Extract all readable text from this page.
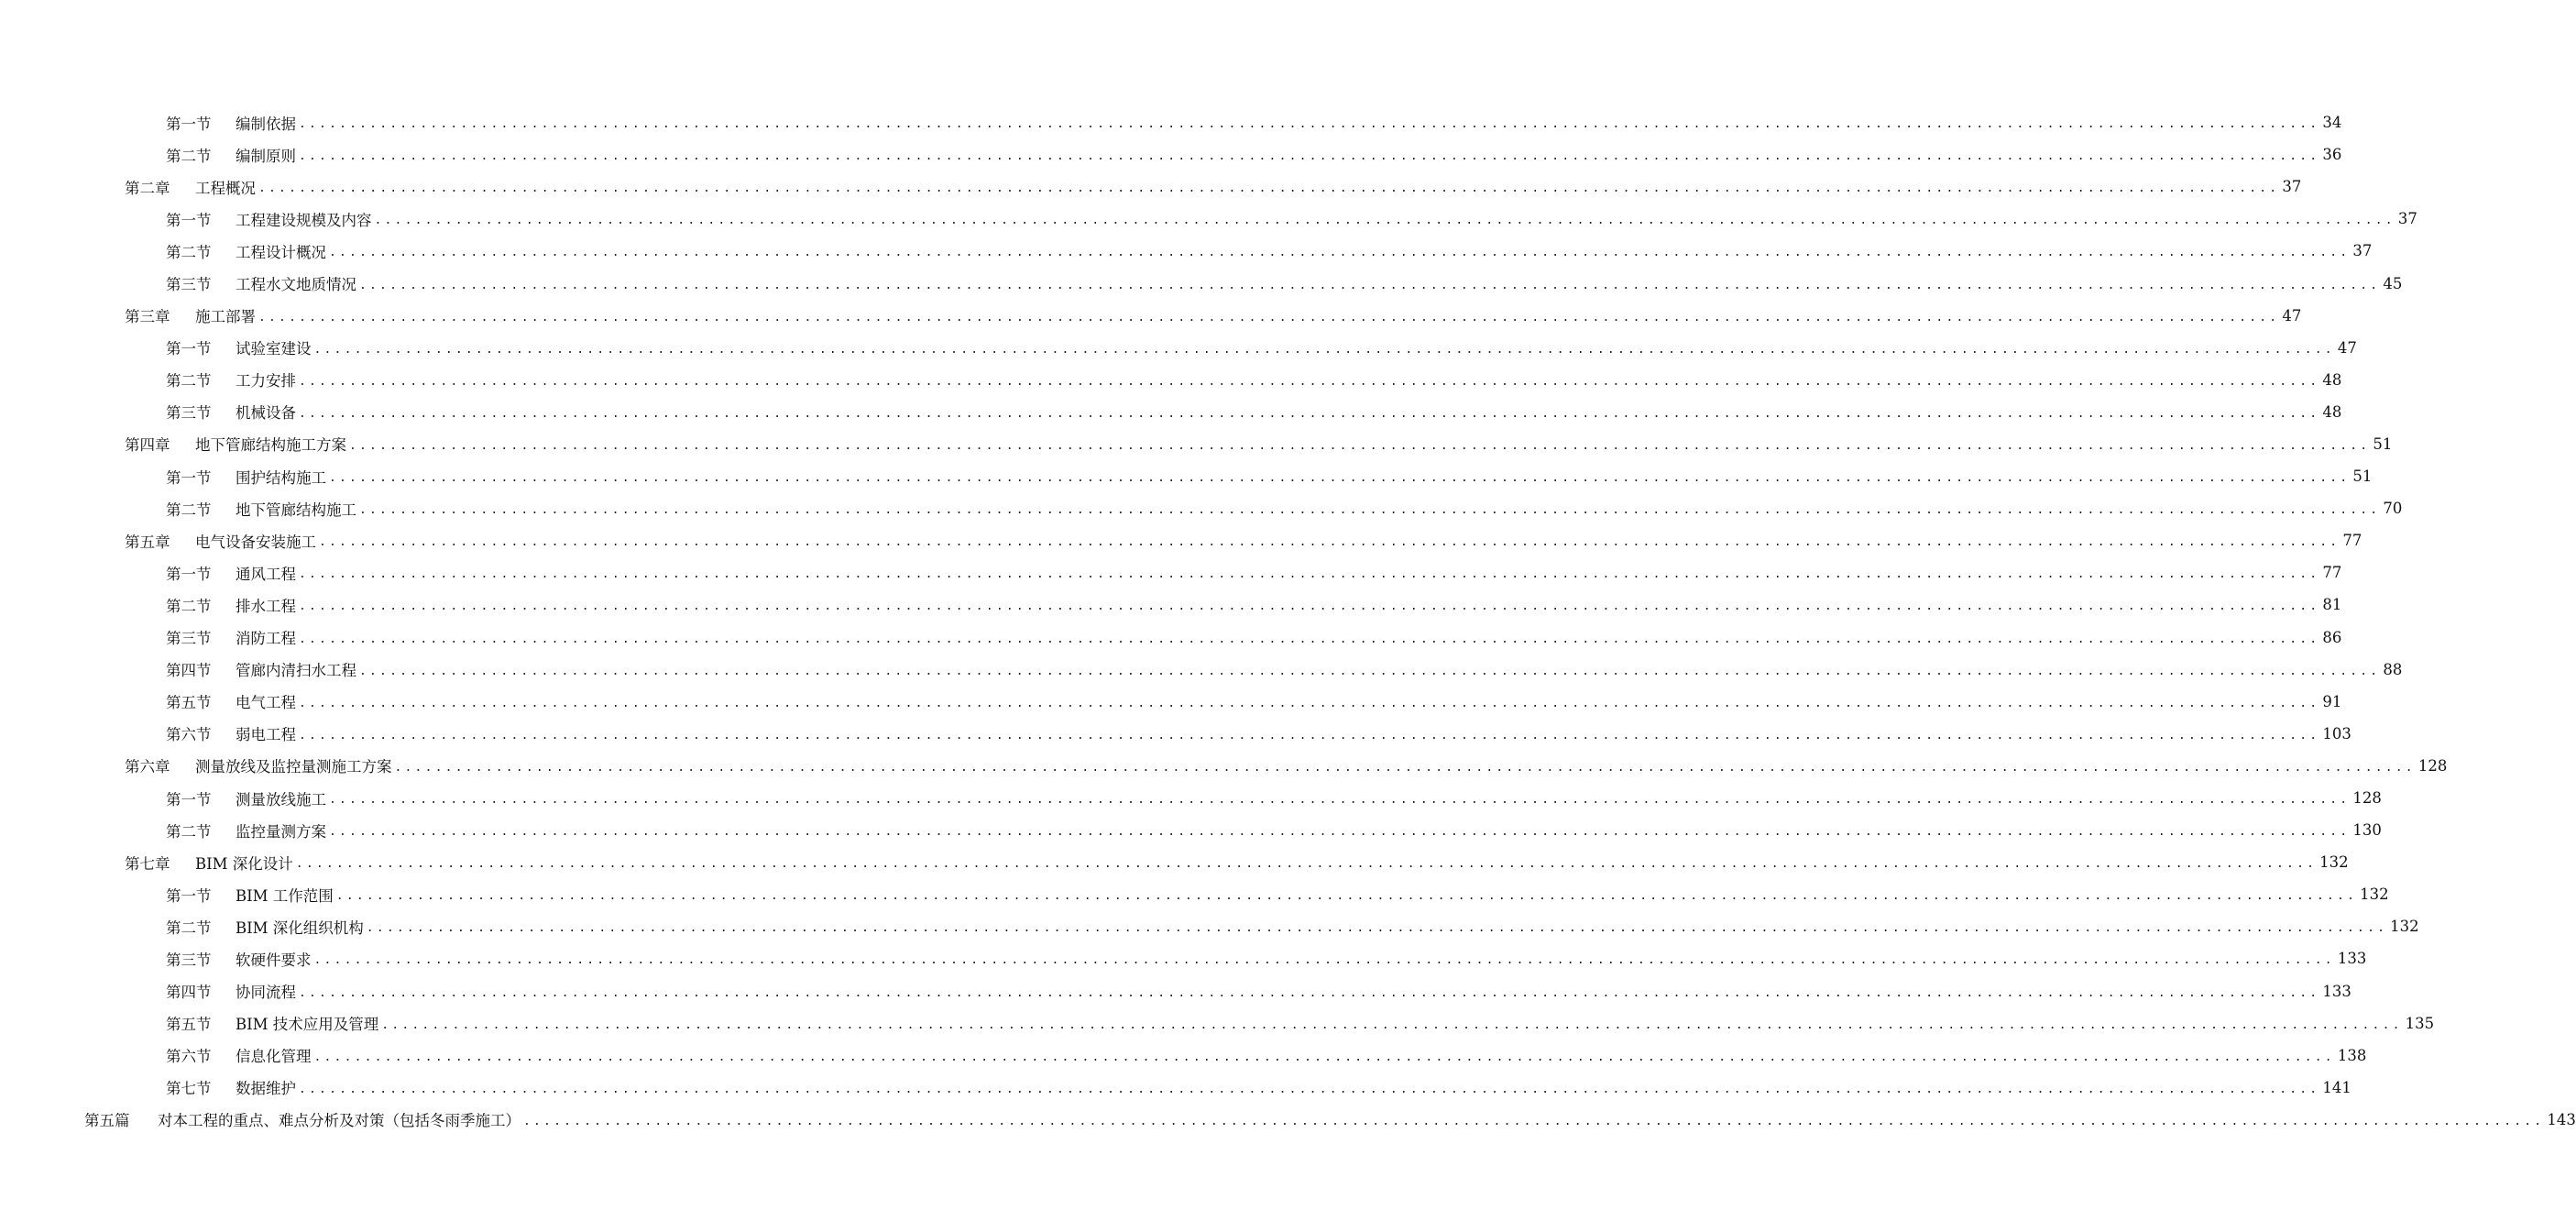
第一节	编制依据 ........................................................................................................................................................................................................ 34
第二节	编制原则 ........................................................................................................................................................................................................ 36
第二章	工程概况 ........................................................................................................................................................................................................ 37
第一节	工程建设规模及内容 ........................................................................................................................................................................................................ 37
第二节	工程设计概况 ........................................................................................................................................................................................................ 37
第三节	工程水文地质情况 ........................................................................................................................................................................................................ 45
第三章	施工部署 ........................................................................................................................................................................................................ 47
第一节	试验室建设 ........................................................................................................................................................................................................ 47
第二节	工力安排 ........................................................................................................................................................................................................ 48
第三节	机械设备 ........................................................................................................................................................................................................ 48
第四章	地下管廊结构施工方案 ........................................................................................................................................................................................................ 51
第一节	围护结构施工 ........................................................................................................................................................................................................ 51
第二节	地下管廊结构施工 ........................................................................................................................................................................................................ 70
第五章	电气设备安装施工 ........................................................................................................................................................................................................ 77
第一节	通风工程 ........................................................................................................................................................................................................ 77
第二节	排水工程 ........................................................................................................................................................................................................ 81
第三节	消防工程 ........................................................................................................................................................................................................ 86
第四节	管廊内清扫水工程 ........................................................................................................................................................................................................ 88
第五节	电气工程 ........................................................................................................................................................................................................ 91
第六节	弱电工程 ........................................................................................................................................................................................................ 103
第六章	测量放线及监控量测施工方案 ........................................................................................................................................................................................................ 128
第一节	测量放线施工 ........................................................................................................................................................................................................ 128
第二节	监控量测方案 ........................................................................................................................................................................................................ 130
第七章	BIM 深化设计 ........................................................................................................................................................................................................ 132
第一节	BIM 工作范围 ........................................................................................................................................................................................................ 132
第二节	BIM 深化组织机构 ........................................................................................................................................................................................................ 132
第三节	软硬件要求 ........................................................................................................................................................................................................ 133
第四节	协同流程 ........................................................................................................................................................................................................ 133
第五节	BIM 技术应用及管理 ........................................................................................................................................................................................................ 135
第六节	信息化管理 ........................................................................................................................................................................................................ 138
第七节	数据维护 ........................................................................................................................................................................................................ 141
第五篇	对本工程的重点、难点分析及对策（包括冬雨季施工） ........................................................................................................................................................................................................ 143
